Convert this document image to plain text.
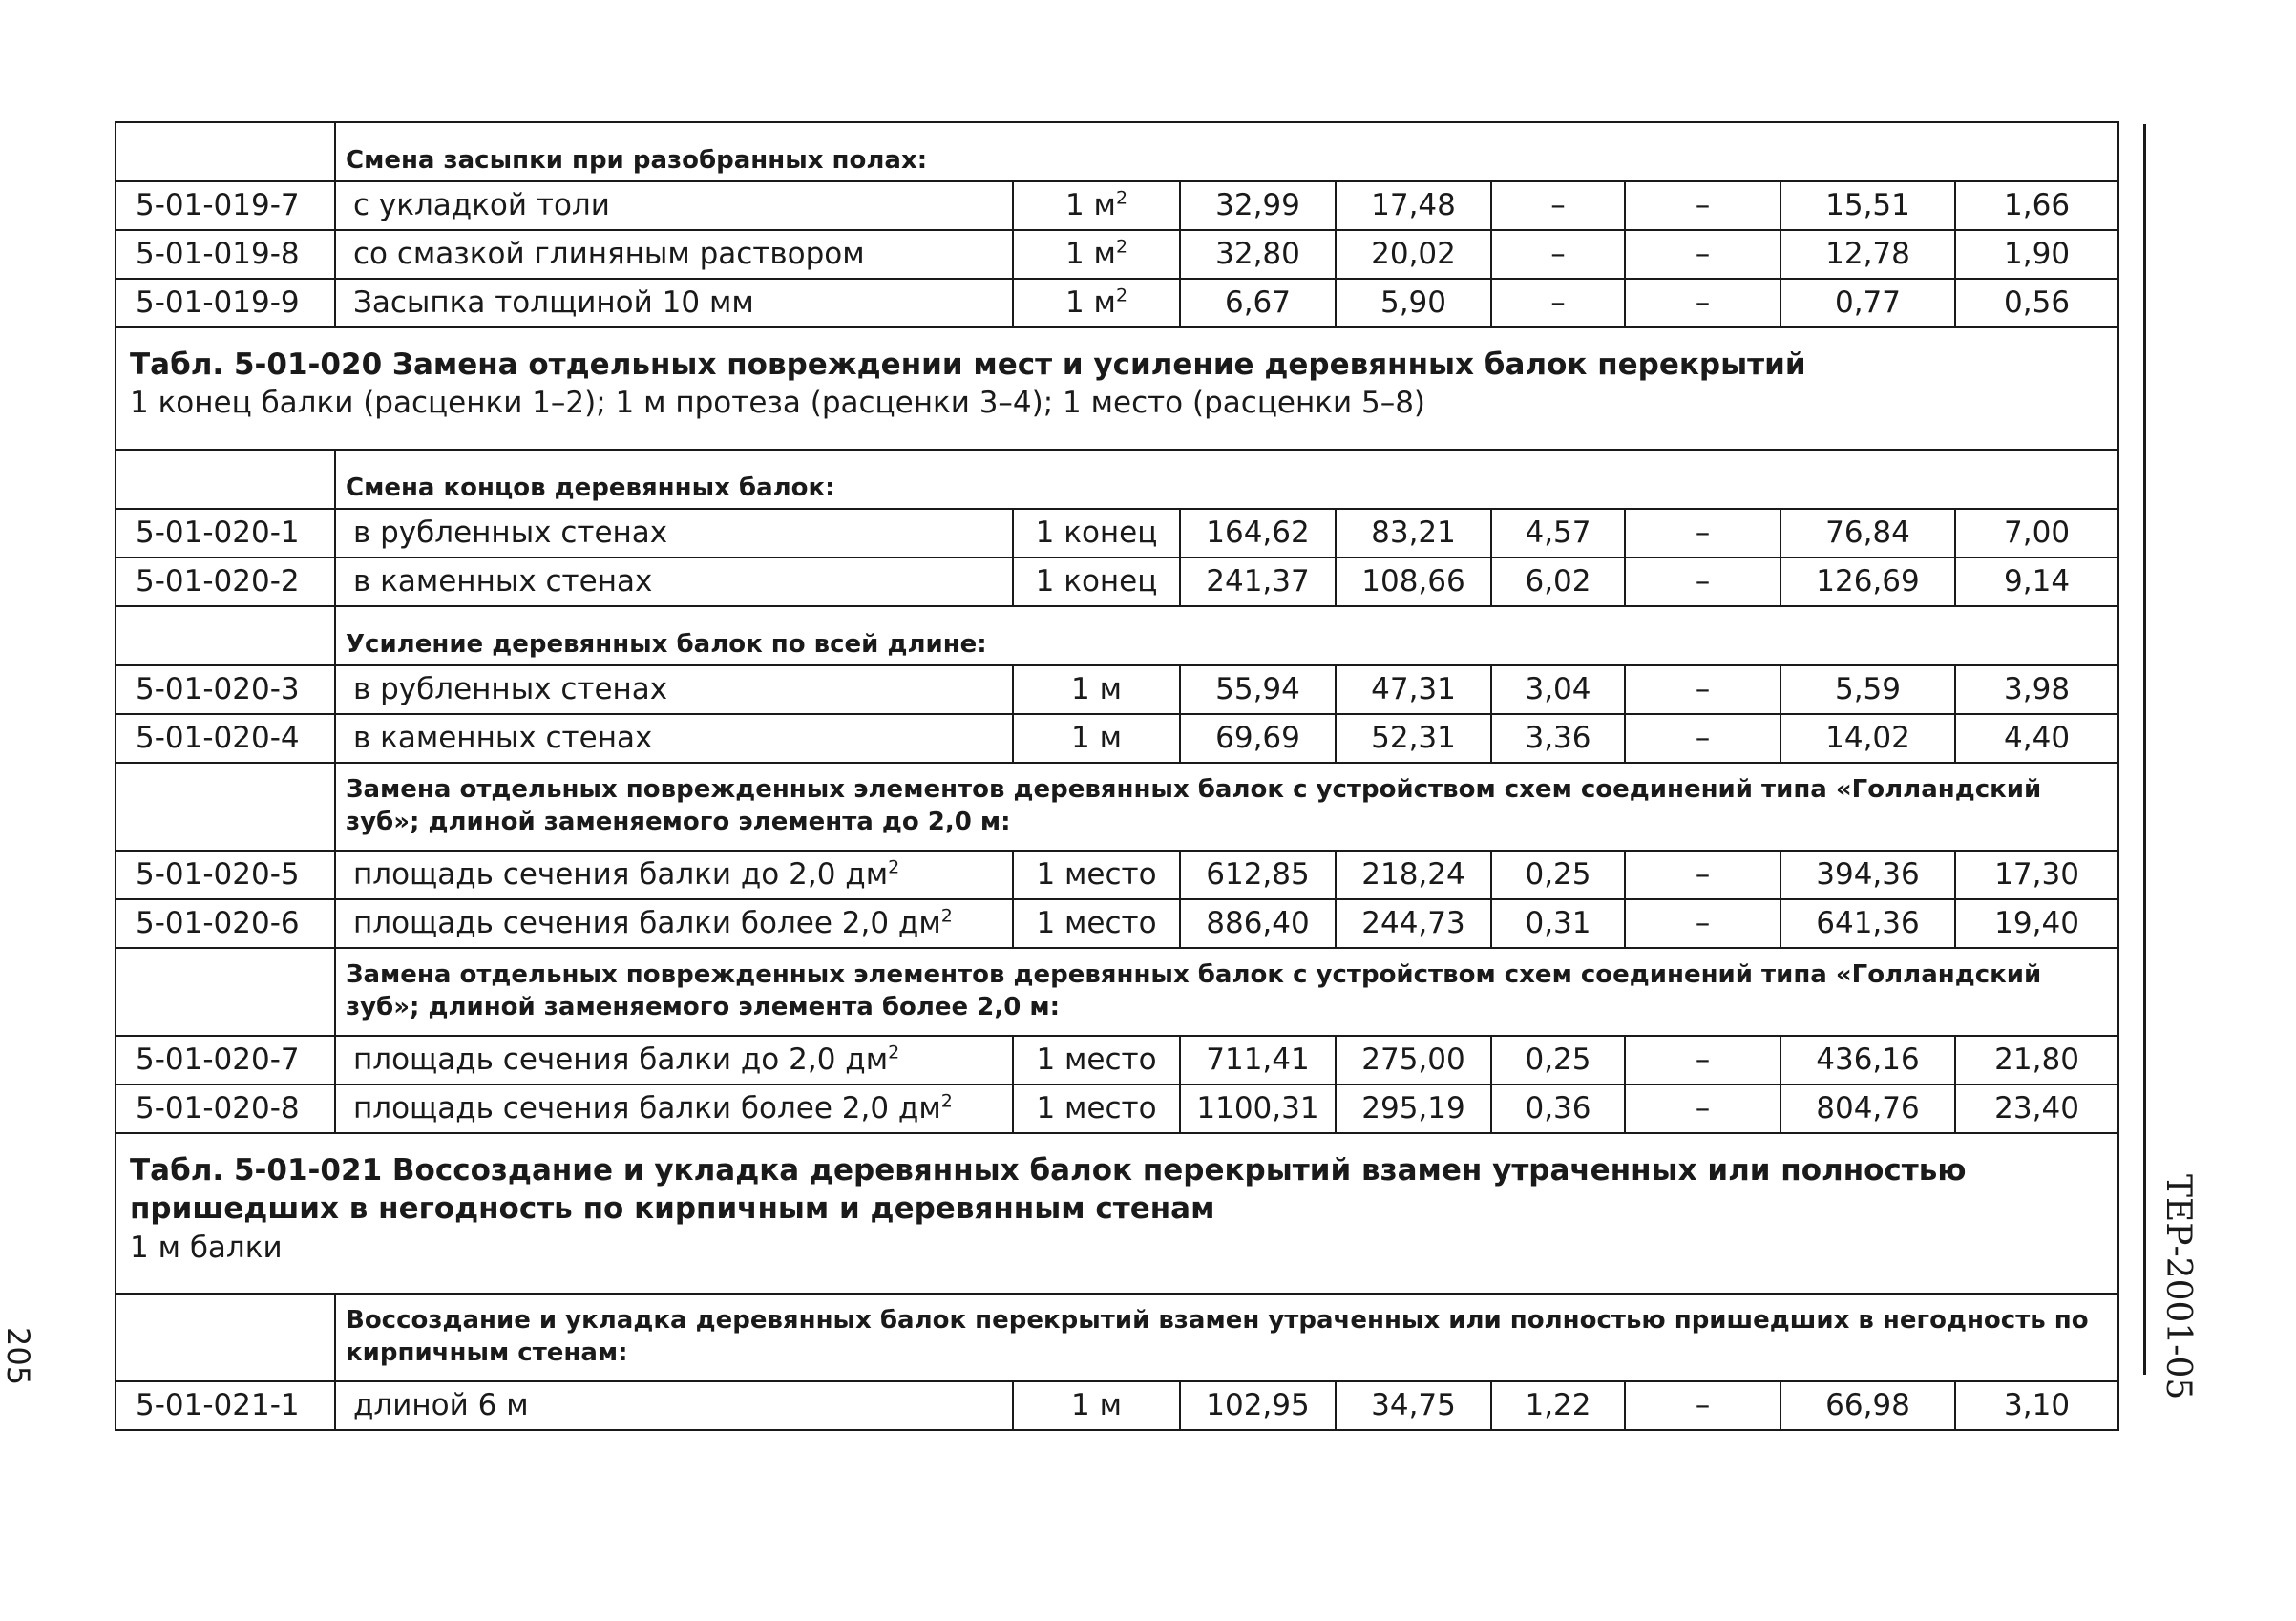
	Смена засыпки при разобранных полах:							
5-01-019-7	с укладкой толи	1 $м^2$	32,99	17,48	–	–	15,51	1,66
5-01-019-8	со смазкой глиняным раствором	1 $м^2$	32,80	20,02	–	–	12,78	1,90
5-01-019-9	Засыпка толщиной 10 мм	1 $м^2$	6,67	5,90	–	–	0,77	0,56

Табл. 5-01-020 Замена отдельных повреждении мест и усиление деревянных балок перекрытий
1 конец балки (расценки 1–2); 1 м протеза (расценки 3–4); 1 место (расценки 5–8)								

	Смена концов деревянных балок:							
5-01-020-1	в рубленных стенах	1 конец	164,62	83,21	4,57	–	76,84	7,00
5-01-020-2	в каменных стенах	1 конец	241,37	108,66	6,02	–	126,69	9,14
	Усиление деревянных балок по всей длине:							
5-01-020-3	в рубленных стенах	1 м	55,94	47,31	3,04	–	5,59	3,98
5-01-020-4	в каменных стенах	1 м	69,69	52,31	3,36	–	14,02	4,40
	Замена отдельных поврежденных элементов деревянных балок с устройством схем соединений типа «Голландский зуб»; длиной заменяемого элемента до 2,0 м:							
5-01-020-5	площадь сечения балки до 2,0 $дм^2$	1 место	612,85	218,24	0,25	–	394,36	17,30
5-01-020-6	площадь сечения балки более 2,0 $дм^2$	1 место	886,40	244,73	0,31	–	641,36	19,40
	Замена отдельных поврежденных элементов деревянных балок с устройством схем соединений типа «Голландский зуб»; длиной заменяемого элемента более 2,0 м:							
5-01-020-7	площадь сечения балки до 2,0 $дм^2$	1 место	711,41	275,00	0,25	–	436,16	21,80
5-01-020-8	площадь сечения балки более 2,0 $дм^2$	1 место	1100,31	295,19	0,36	–	804,76	23,40

Табл. 5-01-021 Воссоздание и укладка деревянных балок перекрытий взамен утраченных или полностью пришедших в негодность по кирпичным и деревянным стенам
1 м балки								

	Воссоздание и укладка деревянных балок перекрытий взамен утраченных или полностью пришедших в негодность по кирпичным стенам:							
5-01-021-1	длиной 6 м	1 м	102,95	34,75	1,22	–	66,98	3,10
205	ТЕР-2001-05
